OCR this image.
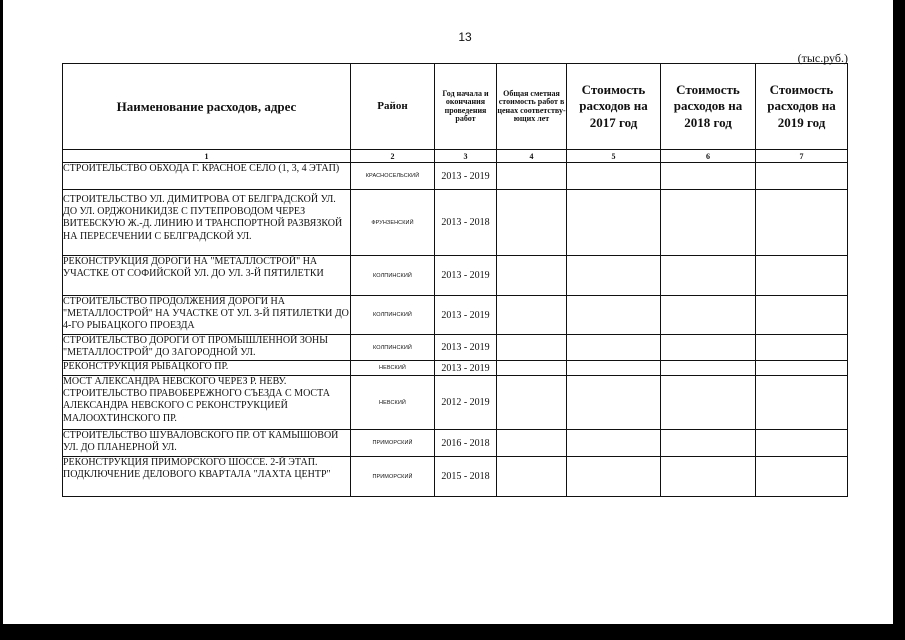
13
(тыс.руб.)
Наименование расходов, адрес	Район	Год начала и окончания проведения работ	Общая сметная стоимость работ в ценах соответству-ющих лет	Стоимость расходов на 2017 год	Стоимость расходов на 2018 год	Стоимость расходов на 2019 год
1	2	3	4	5	6	7
СТРОИТЕЛЬСТВО ОБХОДА Г. КРАСНОЕ СЕЛО (1, 3, 4 ЭТАП)	КРАСНОСЕЛЬСКИЙ	2013 - 2019				
СТРОИТЕЛЬСТВО УЛ. ДИМИТРОВА ОТ БЕЛГРАДСКОЙ УЛ. ДО УЛ. ОРДЖОНИКИДЗЕ С ПУТЕПРОВОДОМ ЧЕРЕЗ ВИТЕБСКУЮ Ж.-Д. ЛИНИЮ И ТРАНСПОРТНОЙ РАЗВЯЗКОЙ НА ПЕРЕСЕЧЕНИИ С БЕЛГРАДСКОЙ УЛ.	ФРУНЗЕНСКИЙ	2013 - 2018				
РЕКОНСТРУКЦИЯ ДОРОГИ НА "МЕТАЛЛОСТРОЙ" НА УЧАСТКЕ ОТ СОФИЙСКОЙ УЛ. ДО УЛ. 3-Й ПЯТИЛЕТКИ	КОЛПИНСКИЙ	2013 - 2019				
СТРОИТЕЛЬСТВО ПРОДОЛЖЕНИЯ ДОРОГИ НА "МЕТАЛЛОСТРОЙ" НА УЧАСТКЕ ОТ УЛ. 3-Й ПЯТИЛЕТКИ ДО 4-ГО РЫБАЦКОГО ПРОЕЗДА	КОЛПИНСКИЙ	2013 - 2019				
СТРОИТЕЛЬСТВО ДОРОГИ ОТ ПРОМЫШЛЕННОЙ ЗОНЫ "МЕТАЛЛОСТРОЙ" ДО ЗАГОРОДНОЙ УЛ.	КОЛПИНСКИЙ	2013 - 2019				
РЕКОНСТРУКЦИЯ РЫБАЦКОГО ПР.	НЕВСКИЙ	2013 - 2019				
МОСТ АЛЕКСАНДРА НЕВСКОГО ЧЕРЕЗ Р. НЕВУ. СТРОИТЕЛЬСТВО ПРАВОБЕРЕЖНОГО СЪЕЗДА С МОСТА АЛЕКСАНДРА НЕВСКОГО С РЕКОНСТРУКЦИЕЙ МАЛООХТИНСКОГО ПР.	НЕВСКИЙ	2012 - 2019				
СТРОИТЕЛЬСТВО ШУВАЛОВСКОГО ПР. ОТ КАМЫШОВОЙ УЛ. ДО ПЛАНЕРНОЙ УЛ.	ПРИМОРСКИЙ	2016 - 2018				
РЕКОНСТРУКЦИЯ ПРИМОРСКОГО ШОССЕ. 2-Й ЭТАП. ПОДКЛЮЧЕНИЕ ДЕЛОВОГО КВАРТАЛА "ЛАХТА ЦЕНТР"	ПРИМОРСКИЙ	2015 - 2018				
